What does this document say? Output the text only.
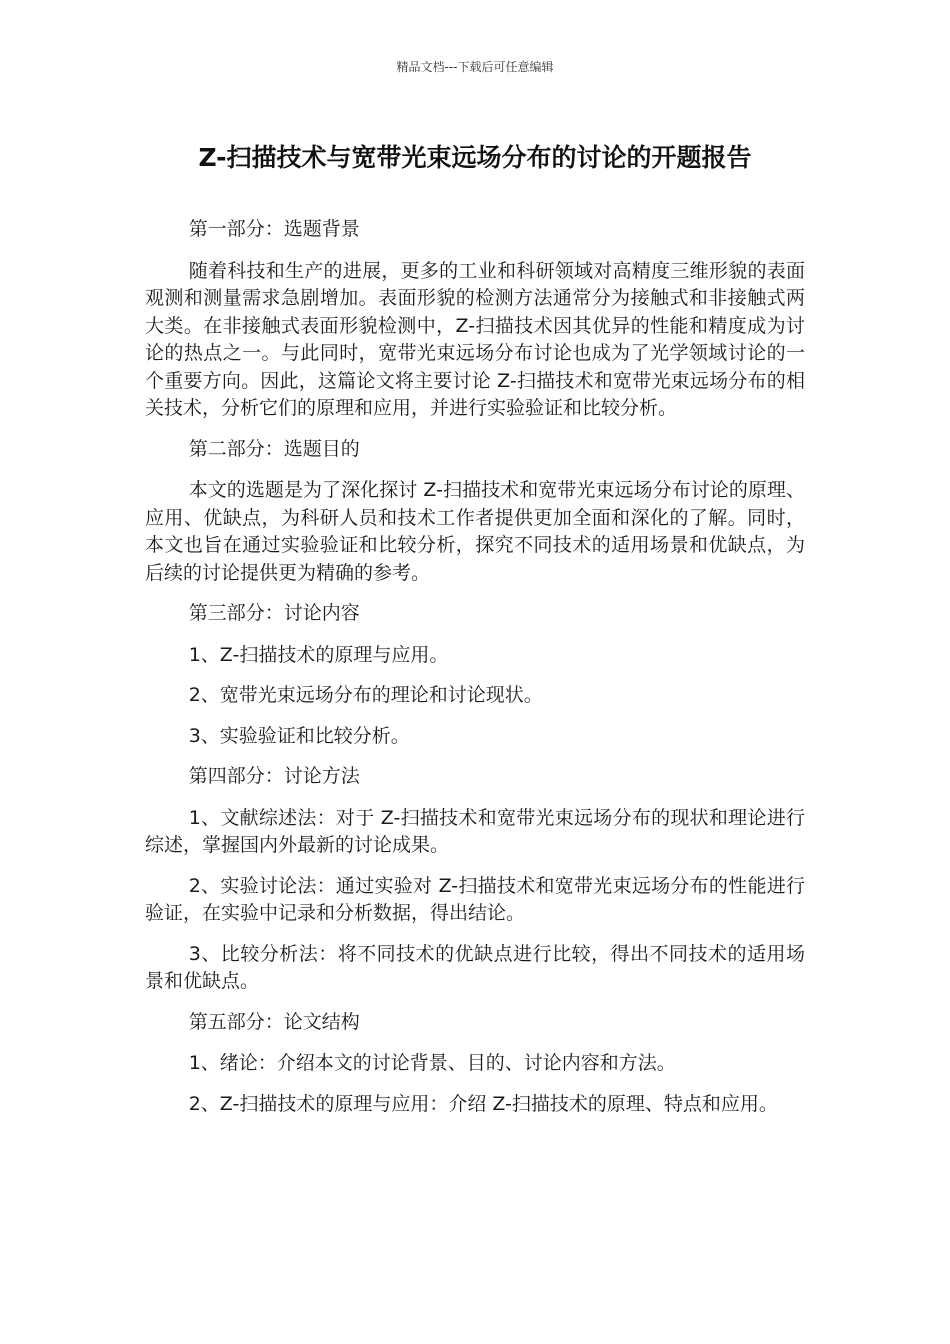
精品文档---下载后可任意编辑
Z-扫描技术与宽带光束远场分布的讨论的开题报告

第一部分：选题背景

随着科技和生产的进展，更多的工业和科研领域对高精度三维形貌的表面观测和测量需求急剧增加。表面形貌的检测方法通常分为接触式和非接触式两大类。在非接触式表面形貌检测中，Z-扫描技术因其优异的性能和精度成为讨论的热点之一。与此同时，宽带光束远场分布讨论也成为了光学领域讨论的一个重要方向。因此，这篇论文将主要讨论 Z-扫描技术和宽带光束远场分布的相关技术，分析它们的原理和应用，并进行实验验证和比较分析。

第二部分：选题目的

本文的选题是为了深化探讨 Z-扫描技术和宽带光束远场分布讨论的原理、应用、优缺点，为科研人员和技术工作者提供更加全面和深化的了解。同时，本文也旨在通过实验验证和比较分析，探究不同技术的适用场景和优缺点，为后续的讨论提供更为精确的参考。

第三部分：讨论内容

1、Z-扫描技术的原理与应用。

2、宽带光束远场分布的理论和讨论现状。

3、实验验证和比较分析。

第四部分：讨论方法

1、文献综述法：对于 Z-扫描技术和宽带光束远场分布的现状和理论进行综述，掌握国内外最新的讨论成果。

2、实验讨论法：通过实验对 Z-扫描技术和宽带光束远场分布的性能进行验证，在实验中记录和分析数据，得出结论。

3、比较分析法：将不同技术的优缺点进行比较，得出不同技术的适用场景和优缺点。

第五部分：论文结构

1、绪论：介绍本文的讨论背景、目的、讨论内容和方法。

2、Z-扫描技术的原理与应用：介绍 Z-扫描技术的原理、特点和应用。
